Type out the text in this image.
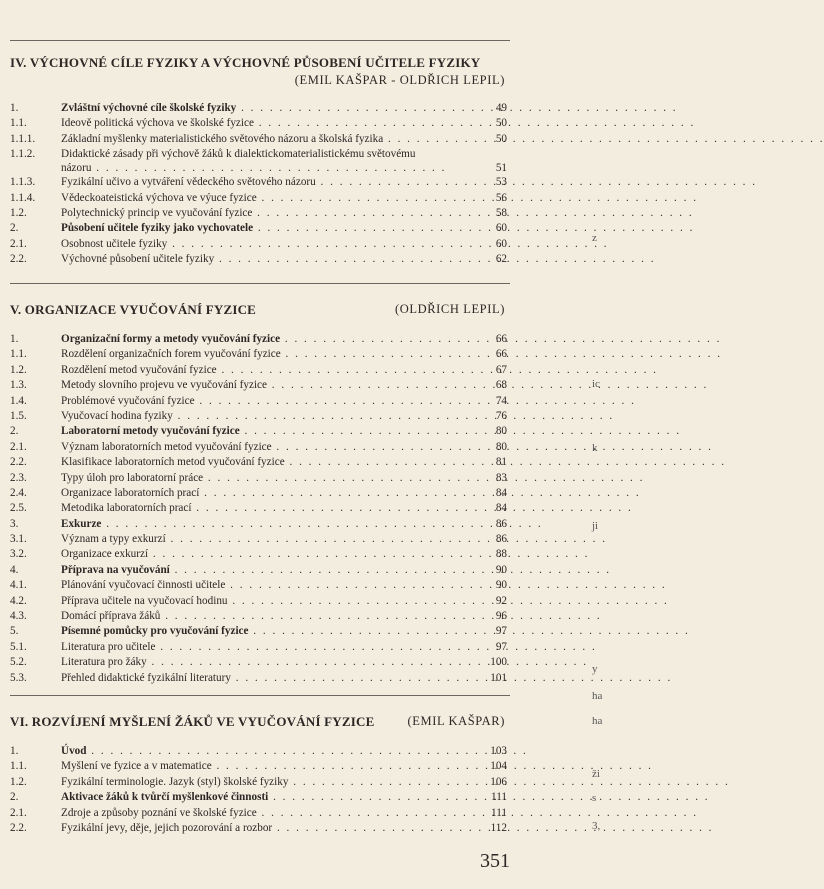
IV. VÝCHOVNÉ CÍLE FYZIKY A VÝCHOVNÉ PŮSOBENÍ UČITELE FYZIKY
(EMIL KAŠPAR - OLDŘICH LEPIL)
1.	Zvláštní výchovné cíle školské fyziky . .	49
1.1.	Ideově politická výchova ve školské fyzice . .	50
1.1.1. Základní myšlenky materialistického světového názoru a školská fyzika . .	50
1.1.2. Didaktické zásady při výchově žáků k dialektickomaterialistickému světovému
názoru . .	51
1.1.3. Fyzikální učivo a vytváření vědeckého světového názoru . .	53
1.1.4. Vědeckoateistická výchova ve výuce fyzice . .	56
1.2.	Polytechnický princip ve vyučování fyzice . .	58
2.	Působení učitele fyziky jako vychovatele . .	60
2.1.	Osobnost učitele fyziky . .	60
2.2.	Výchovné působení učitele fyziky . .	62
V. ORGANIZACE VYUČOVÁNÍ FYZICE	(OLDŘICH LEPIL)
1.	Organizační formy a metody vyučování fyzice . .	66
1.1.	Rozdělení organizačních forem vyučování fyzice . .	66
1.2.	Rozdělení metod vyučování fyzice . .	67
1.3.	Metody slovního projevu ve vyučování fyzice . .	68
1.4.	Problémové vyučování fyzice . .	74
1.5.	Vyučovací hodina fyziky . .	76
2.	Laboratorní metody vyučování fyzice . .	80
2.1.	Význam laboratorních metod vyučování fyzice . .	80
2.2.	Klasifikace laboratorních metod vyučování fyzice . .	81
2.3.	Typy úloh pro laboratorní práce . .	83
2.4.	Organizace laboratorních prací . .	84
2.5.	Metodika laboratorních prací . .	84
3.	Exkurze . .	86
3.1.	Význam a typy exkurzí . .	86
3.2.	Organizace exkurzí . .	88
4.	Příprava na vyučování . .	90
4.1.	Plánování vyučovací činnosti učitele . .	90
4.2.	Příprava učitele na vyučovací hodinu . .	92
4.3.	Domácí příprava žáků . .	96
5.	Písemné pomůcky pro vyučování fyzice . .	97
5.1.	Literatura pro učitele . .	97
5.2.	Literatura pro žáky . .	100
5.3.	Přehled didaktické fyzikální literatury . .	101
VI. ROZVÍJENÍ MYŠLENÍ ŽÁKŮ VE VYUČOVÁNÍ FYZICE	(EMIL KAŠPAR)
1.	Úvod . .	103
1.1.	Myšlení ve fyzice a v matematice . .	104
1.2.	Fyzikální terminologie. Jazyk (styl) školské fyziky . .	106
2.	Aktivace žáků k tvůrčí myšlenkové činnosti . .	111
2.1.	Zdroje a způsoby poznání ve školské fyzice . .	111
2.2.	Fyzikální jevy, děje, jejich pozorování a rozbor . .	112
351
z
ic
k
ji
y
ha
ha
ži
s
3,
